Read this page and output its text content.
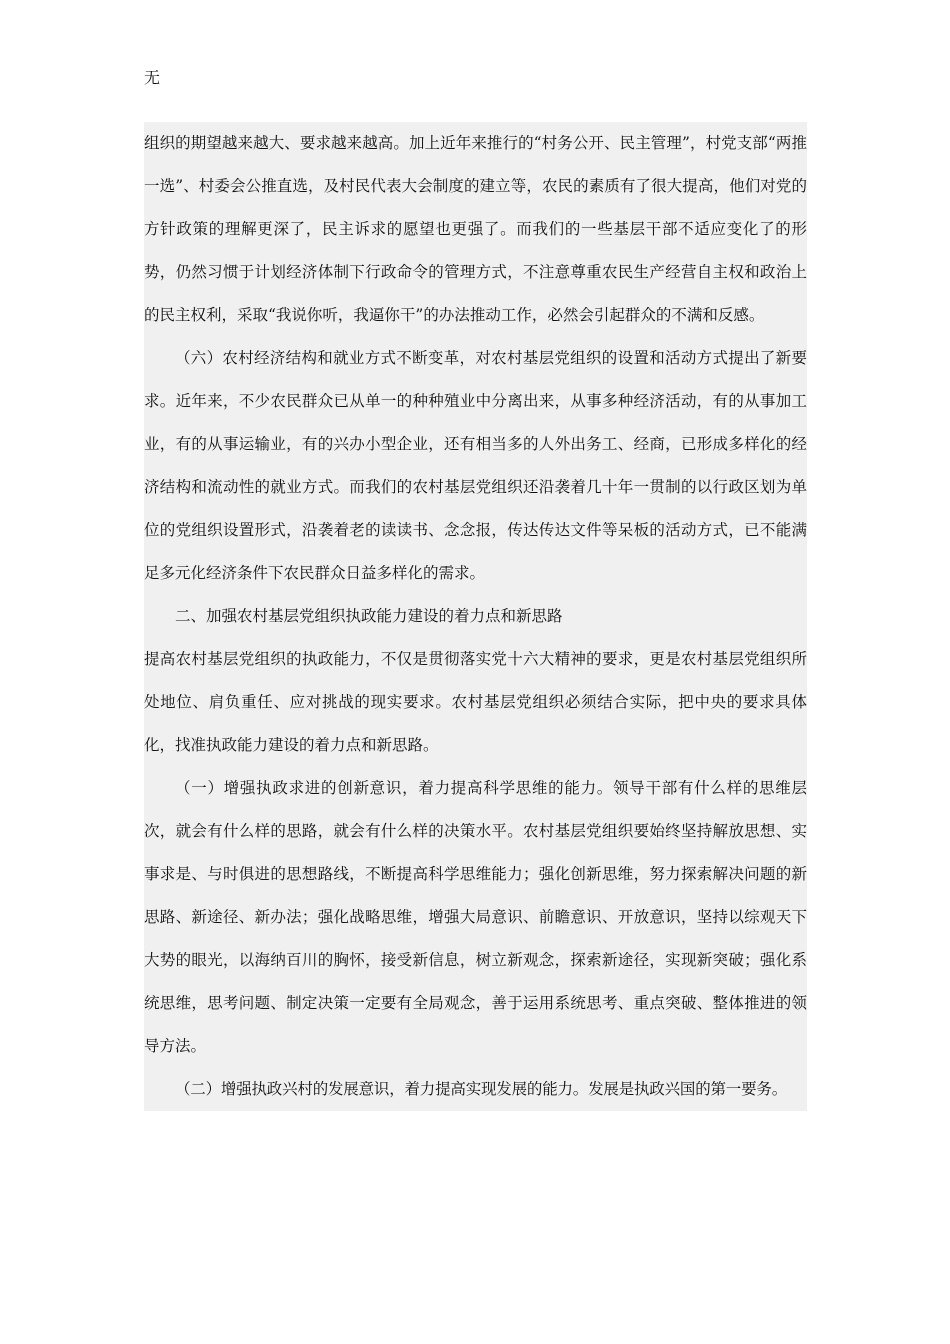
无

组织的期望越来越大、要求越来越高。加上近年来推行的“村务公开、民主管理”，村党支部“两推一选”、村委会公推直选，及村民代表大会制度的建立等，农民的素质有了很大提高，他们对党的方针政策的理解更深了，民主诉求的愿望也更强了。而我们的一些基层干部不适应变化了的形势，仍然习惯于计划经济体制下行政命令的管理方式，不注意尊重农民生产经营自主权和政治上的民主权利，采取“我说你听，我逼你干”的办法推动工作，必然会引起群众的不满和反感。

（六）农村经济结构和就业方式不断变革，对农村基层党组织的设置和活动方式提出了新要求。近年来，不少农民群众已从单一的种种殖业中分离出来，从事多种经济活动，有的从事加工业，有的从事运输业，有的兴办小型企业，还有相当多的人外出务工、经商，已形成多样化的经济结构和流动性的就业方式。而我们的农村基层党组织还沿袭着几十年一贯制的以行政区划为单位的党组织设置形式，沿袭着老的读读书、念念报，传达传达文件等呆板的活动方式，已不能满足多元化经济条件下农民群众日益多样化的需求。

二、加强农村基层党组织执政能力建设的着力点和新思路

提高农村基层党组织的执政能力，不仅是贯彻落实党十六大精神的要求，更是农村基层党组织所处地位、肩负重任、应对挑战的现实要求。农村基层党组织必须结合实际，把中央的要求具体化，找准执政能力建设的着力点和新思路。

（一）增强执政求进的创新意识，着力提高科学思维的能力。领导干部有什么样的思维层次，就会有什么样的思路，就会有什么样的决策水平。农村基层党组织要始终坚持解放思想、实事求是、与时俱进的思想路线，不断提高科学思维能力；强化创新思维，努力探索解决问题的新思路、新途径、新办法；强化战略思维，增强大局意识、前瞻意识、开放意识，坚持以综观天下大势的眼光，以海纳百川的胸怀，接受新信息，树立新观念，探索新途径，实现新突破；强化系统思维，思考问题、制定决策一定要有全局观念，善于运用系统思考、重点突破、整体推进的领导方法。

（二）增强执政兴村的发展意识，着力提高实现发展的能力。发展是执政兴国的第一要务。
